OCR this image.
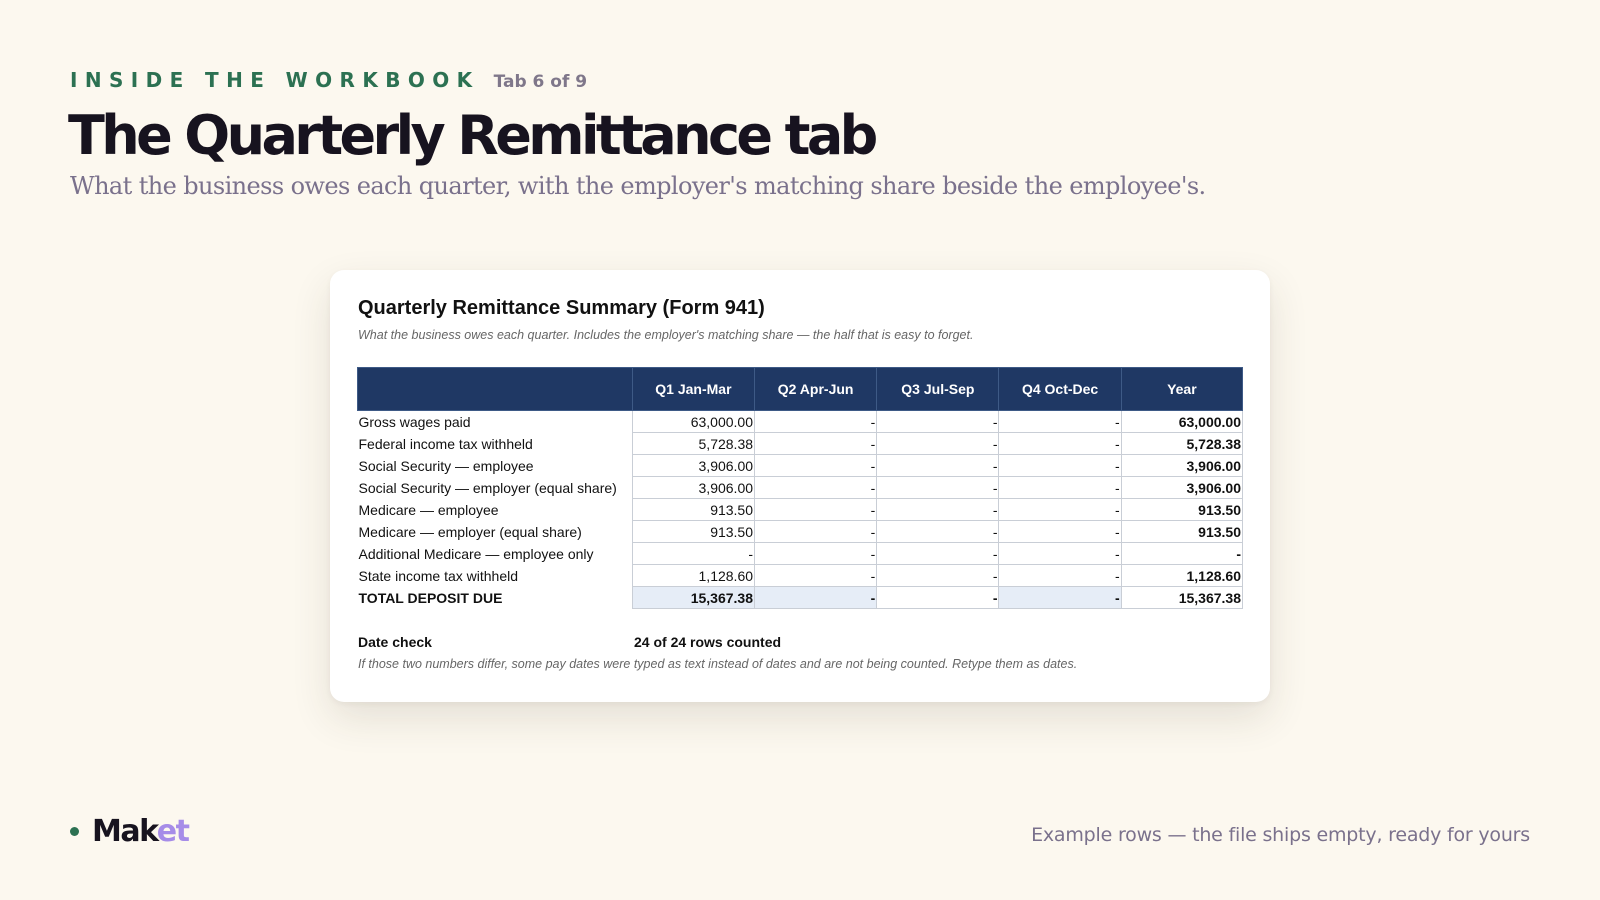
INSIDE THE WORKBOOK Tab 6 of 9
The Quarterly Remittance tab
What the business owes each quarter, with the employer's matching share beside the employee's.
Quarterly Remittance Summary (Form 941)
What the business owes each quarter. Includes the employer's matching share — the half that is easy to forget.
	Q1 Jan-Mar	Q2 Apr-Jun	Q3 Jul-Sep	Q4 Oct-Dec	Year
Gross wages paid	63,000.00	-	-	-	63,000.00
Federal income tax withheld	5,728.38	-	-	-	5,728.38
Social Security — employee	3,906.00	-	-	-	3,906.00
Social Security — employer (equal share)	3,906.00	-	-	-	3,906.00
Medicare — employee	913.50	-	-	-	913.50
Medicare — employer (equal share)	913.50	-	-	-	913.50
Additional Medicare — employee only	-	-	-	-	-
State income tax withheld	1,128.60	-	-	-	1,128.60
TOTAL DEPOSIT DUE	15,367.38	-	-	-	15,367.38
Date check	24 of 24 rows counted
If those two numbers differ, some pay dates were typed as text instead of dates and are not being counted. Retype them as dates.
Maket	Example rows — the file ships empty, ready for yours
